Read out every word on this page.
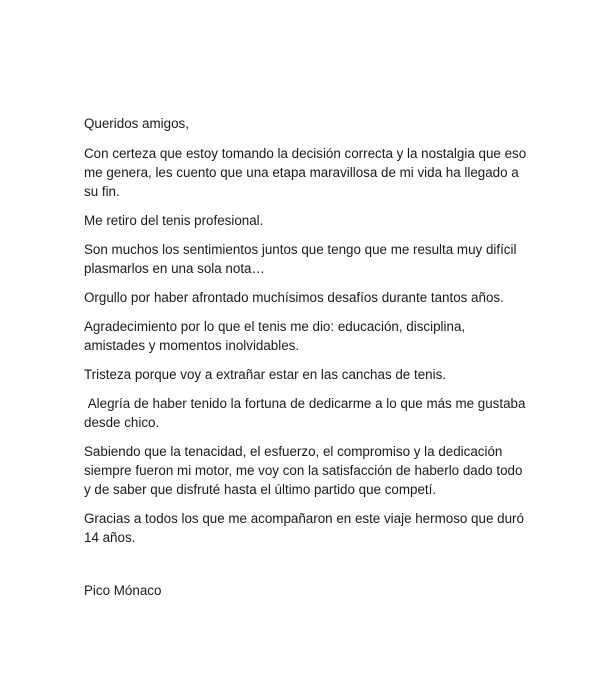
Queridos amigos,

Con certeza que estoy tomando la decisión correcta y la nostalgia que eso me genera, les cuento que una etapa maravillosa de mi vida ha llegado a su fin.

Me retiro del tenis profesional.

Son muchos los sentimientos juntos que tengo que me resulta muy difícil plasmarlos en una sola nota…

Orgullo por haber afrontado muchísimos desafíos durante tantos años.

Agradecimiento por lo que el tenis me dio: educación, disciplina, amistades y momentos inolvidables.

Tristeza porque voy a extrañar estar en las canchas de tenis.

Alegría de haber tenido la fortuna de dedicarme a lo que más me gustaba desde chico.

Sabiendo que la tenacidad, el esfuerzo, el compromiso y la dedicación siempre fueron mi motor, me voy con la satisfacción de haberlo dado todo y de saber que disfruté hasta el último partido que competí.

Gracias a todos los que me acompañaron en este viaje hermoso que duró 14 años.

Pico Mónaco
